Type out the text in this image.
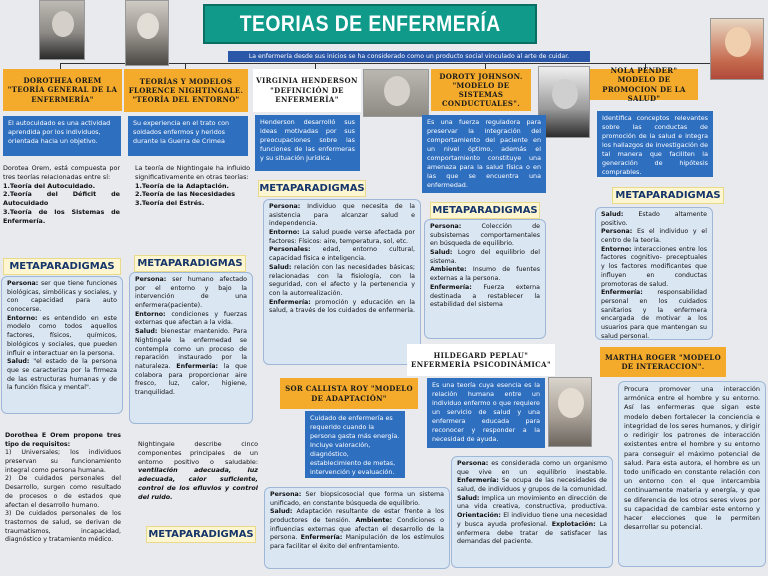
TEORIAS DE ENFERMERÍA
La enfermería desde sus inicios se ha considerado como un producto social vinculado al arte de cuidar.
DOROTHEA OREM "TEORÍA GENERAL DE LA ENFERMERÍA"
El autocuidado es una actividad aprendida por los individuos, orientada hacia un objetivo.

Dorotea Orem, está compuesta por tres teorías relacionadas entre sí:

1.Teoría del Autocuidado.

2.Teoría del Déficit de Autocuidado

3.Teoría de los Sistemas de Enfermería.

METAPARADIGMAS

Persona: ser que tiene funciones biológicas, simbólicas y sociales, y con capacidad para auto conocerse.

Entorno: es entendido en este modelo como todos aquellos factores, físicos, químicos, biológicos y sociales, que pueden influir e interactuar en la persona.

Salud: "el estado de la persona que se caracteriza por la firmeza de las estructuras humanas y de la función física y mental".

Dorothea E Orem propone tres tipo de requisitos:

1) Universales; los individuos preservan su funcionamiento integral como persona humana.

2) De cuidados personales del Desarrollo, surgen como resultado de procesos o de estados que afectan el desarrollo humano.

3) De cuidados personales de los trastornos de salud, se derivan de traumatismos, incapacidad, diagnóstico y tratamiento médico.

TEORÍAS Y MODELOS FLORENCE NIGHTINGALE. "TEORÍA DEL ENTORNO"
Su experiencia en el trato con soldados enfermos y heridos durante la Guerra de Crimea

La teoría de Nightingale ha influido significativamente en otras teorías:

1.Teoría de la Adaptación.

2.Teoría de las Necesidades

3.Teoría del Estrés.

METAPARADIGMAS

Persona: ser humano afectado por el entorno y bajo la intervención de una enfermera(paciente).

Entorno: condiciones y fuerzas externas que afectan a la vida.

Salud: bienestar mantenido. Para Nightingale la enfermedad se contempla como un proceso de reparación instaurado por la naturaleza. Enfermería: la que colabora para proporcionar aire fresco, luz, calor, higiene, tranquilidad.

Nightingale describe cinco componentes principales de un entorno positivo o saludable: ventilación adecuada, luz adecuada, calor suficiente, control de los efluvios y control del ruido.
METAPARADIGMAS
VIRGINIA HENDERSON "DEFINICIÓN DE ENFERMERÍA"
Henderson desarrolló sus ideas motivadas por sus preocupaciones sobre las funciones de las enfermeras y su situación jurídica.
METAPARADIGMAS

Persona: Individuo que necesita de la asistencia para alcanzar salud e independencia.

Entorno: La salud puede verse afectada por factores: Físicos: aire, temperatura, sol, etc.

Personales: edad, entorno cultural, capacidad física e inteligencia.

Salud: relación con las necesidades básicas; relacionadas con la fisiología, con la seguridad, con el afecto y la pertenencia y con la autorrealización.

Enfermería: promoción y educación en la salud, a través de los cuidados de enfermería.

SOR CALLISTA ROY "MODELO DE ADAPTACIÓN"
Cuidado de enfermería es requerido cuando la persona gasta más energía. Incluye valoración, diagnóstico, establecimiento de metas, intervención y evaluación.

Persona: Ser biopsicosocial que forma un sistema unificado, en constante búsqueda de equilibrio.

Salud: Adaptación resultante de estar frente a los productores de tensión. Ambiente: Condiciones o influencias externas que afectan el desarrollo de la persona. Enfermería: Manipulación de los estímulos para facilitar el éxito del enfrentamiento.

DOROTY JOHNSON. "MODELO DE SISTEMAS CONDUCTUALES".
Es una fuerza reguladora para preservar la integración del comportamiento del paciente en un nivel óptimo, además el comportamiento constituye una amenaza para la salud física o en las que se encuentra una enfermedad.
METAPARADIGMAS

Persona: Colección de subsistemas comportamentales en búsqueda de equilibrio.

Salud: Logro del equilibrio del sistema.

Ambiente: Insumo de fuentes externas a la persona.

Enfermería: Fuerza externa destinada a restablecer la estabilidad del sistema

HILDEGARD PEPLAU" ENFERMERÍA PSICODINÁMICA"
Es una teoría cuya esencia es la relación humana entre un individuo enfermo o que requiere un servicio de salud y una enfermera educada para reconocer y responder a la necesidad de ayuda.

Persona: es considerada como un organismo que vive en un equilibrio inestable. Enfermería: Se ocupa de las necesidades de salud, de individuos y grupos de la comunidad. Salud: Implica un movimiento en dirección de una vida creativa, constructiva, productiva. Orientación: El individuo tiene una necesidad y busca ayuda profesional. Explotación: La enfermera debe tratar de satisfacer las demandas del paciente.

NOLA PENDER" MODELO DE PROMOCION DE LA SALUD"
Identifica conceptos relevantes sobre las conductas de promoción de la salud e integra los hallazgos de investigación de tal manera que faciliten la generación de hipótesis comprables.
METAPARADIGMAS

Salud: Estado altamente positivo.

Persona: Es el individuo y el centro de la teoría.

Entorno: interacciones entre los factores cognitivo- preceptuales y los factores modificantes que influyen en conductas promotoras de salud.

Enfermería: responsabilidad personal en los cuidados sanitarios y la enfermera encargada de motivar a los usuarios para que mantengan su salud personal.

MARTHA ROGER "MODELO DE INTERACCION".
Procura promover una interacción armónica entre el hombre y su entorno. Así las enfermeras que sigan este modelo deben fortalecer la conciencia e integridad de los seres humanos, y dirigir o redirigir los patrones de interacción existentes entre el hombre y su entorno para conseguir el máximo potencial de salud. Para esta autora, el hombre es un todo unificado en constante relación con un entorno con el que intercambia continuamente materia y energía, y que se diferencia de los otros seres vivos por su capacidad de cambiar este entorno y hacer elecciones que le permiten desarrollar su potencial.
